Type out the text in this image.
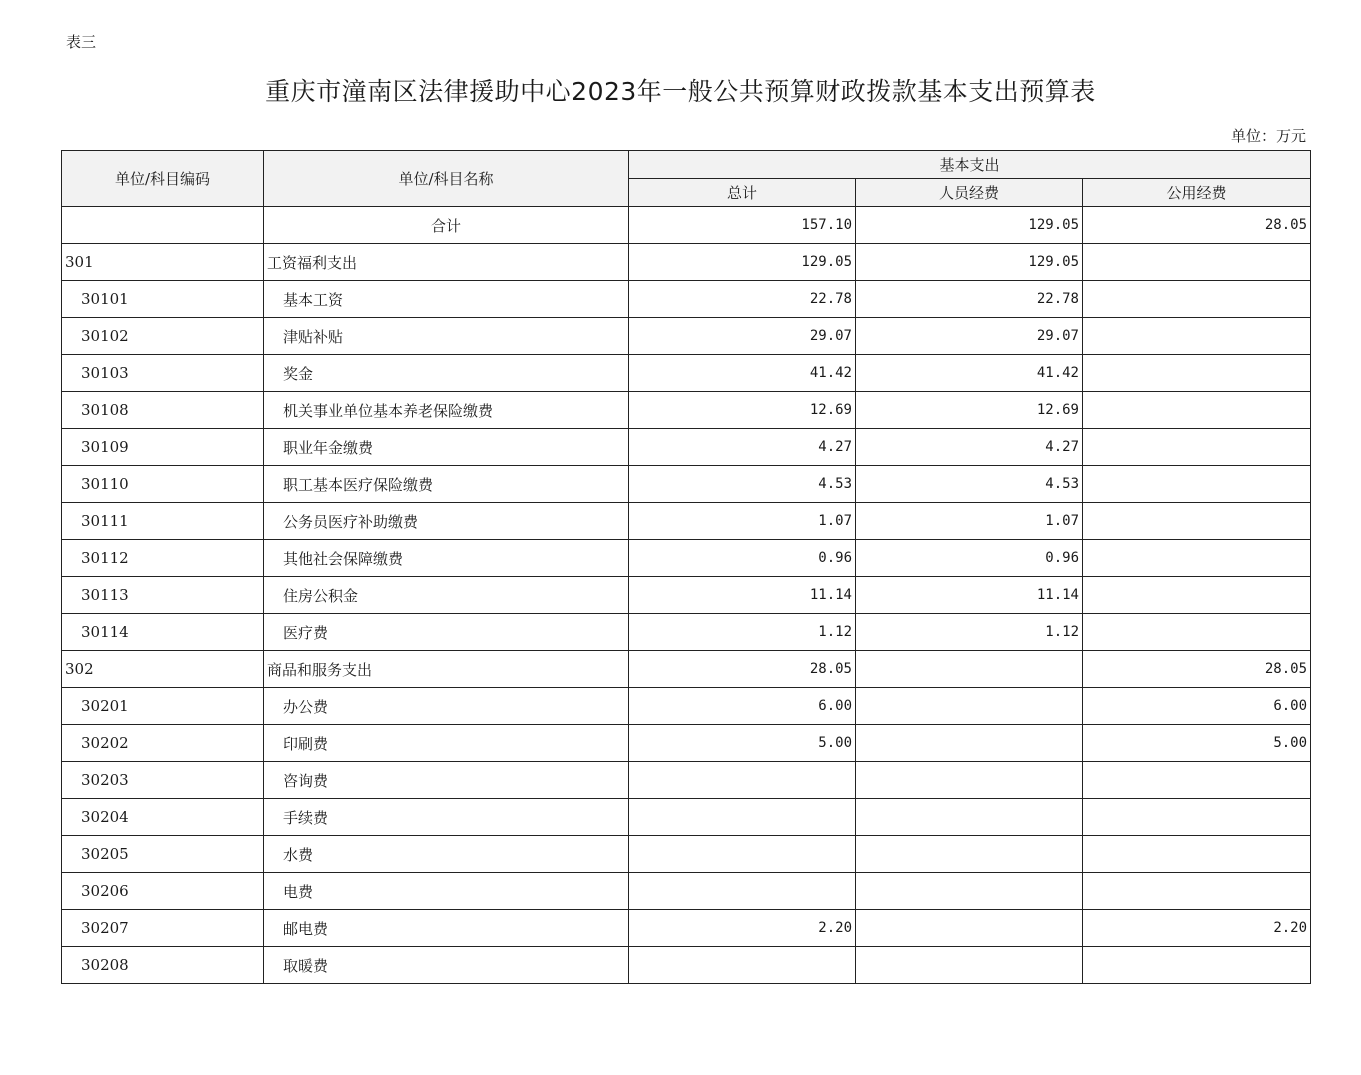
表三
重庆市潼南区法律援助中心2023年一般公共预算财政拨款基本支出预算表
单位：万元
单位/科目编码	单位/科目名称	基本支出		
		总计	人员经费	公用经费
	合计	157.10	129.05	28.05
301	工资福利支出	129.05	129.05	
30101	基本工资	22.78	22.78	
30102	津贴补贴	29.07	29.07	
30103	奖金	41.42	41.42	
30108	机关事业单位基本养老保险缴费	12.69	12.69	
30109	职业年金缴费	4.27	4.27	
30110	职工基本医疗保险缴费	4.53	4.53	
30111	公务员医疗补助缴费	1.07	1.07	
30112	其他社会保障缴费	0.96	0.96	
30113	住房公积金	11.14	11.14	
30114	医疗费	1.12	1.12	
302	商品和服务支出	28.05		28.05
30201	办公费	6.00		6.00
30202	印刷费	5.00		5.00
30203	咨询费			
30204	手续费			
30205	水费			
30206	电费			
30207	邮电费	2.20		2.20
30208	取暖费			
